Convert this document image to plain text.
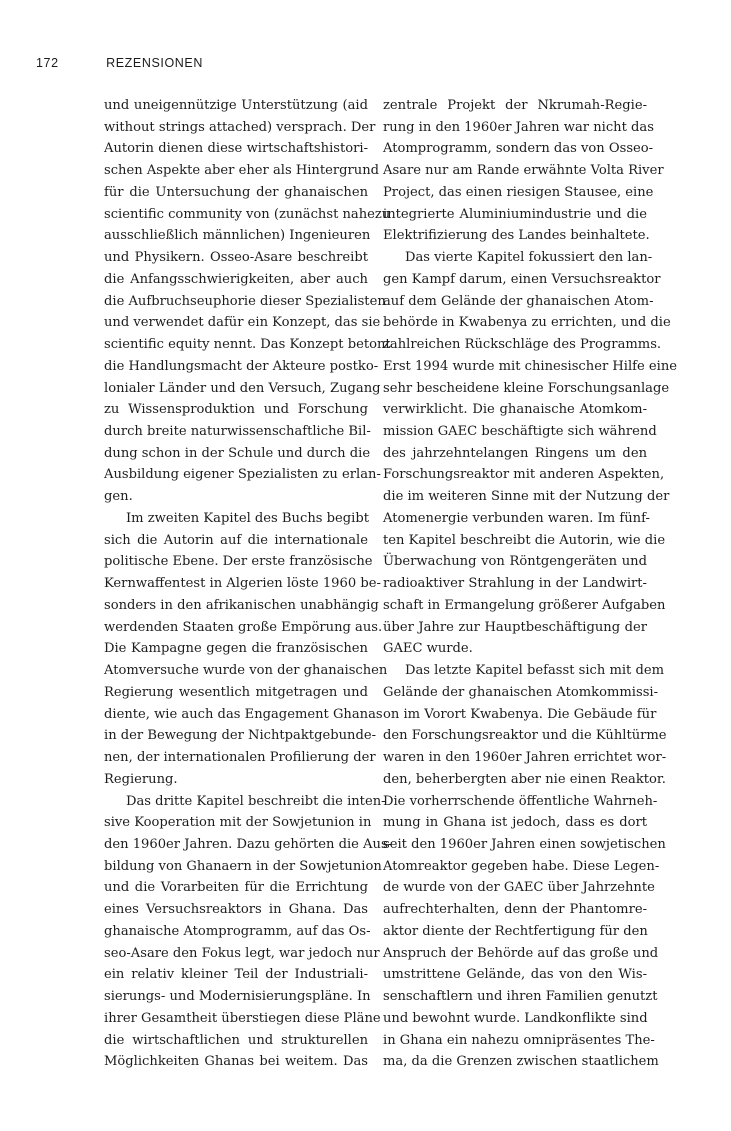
172	REZENSIONEN
und uneigennützige Unterstützung (aid
without strings attached) versprach. Der
Autorin dienen diese wirtschaftshistori-
schen Aspekte aber eher als Hintergrund
für die Untersuchung der ghanaischen
scientific community von (zunächst nahezu
ausschließlich männlichen) Ingenieuren
und Physikern. Osseo-Asare beschreibt
die Anfangsschwierigkeiten, aber auch
die Aufbruchseuphorie dieser Spezialisten
und verwendet dafür ein Konzept, das sie
scientific equity nennt. Das Konzept betont
die Handlungsmacht der Akteure postko-
lonialer Länder und den Versuch, Zugang
zu Wissensproduktion und Forschung
durch breite naturwissenschaftliche Bil-
dung schon in der Schule und durch die
Ausbildung eigener Spezialisten zu erlan-
gen.
Im zweiten Kapitel des Buchs begibt
sich die Autorin auf die internationale
politische Ebene. Der erste französische
Kernwaffentest in Algerien löste 1960 be-
sonders in den afrikanischen unabhängig
werdenden Staaten große Empörung aus.
Die Kampagne gegen die französischen
Atomversuche wurde von der ghanaischen
Regierung wesentlich mitgetragen und
diente, wie auch das Engagement Ghanas
in der Bewegung der Nichtpaktgebunde-
nen, der internationalen Profilierung der
Regierung.
Das dritte Kapitel beschreibt die inten-
sive Kooperation mit der Sowjetunion in
den 1960er Jahren. Dazu gehörten die Aus-
bildung von Ghanaern in der Sowjetunion
und die Vorarbeiten für die Errichtung
eines Versuchsreaktors in Ghana. Das
ghanaische Atomprogramm, auf das Os-
seo-Asare den Fokus legt, war jedoch nur
ein relativ kleiner Teil der Industriali-
sierungs- und Modernisierungspläne. In
ihrer Gesamtheit überstiegen diese Pläne
die wirtschaftlichen und strukturellen
Möglichkeiten Ghanas bei weitem. Das
zentrale Projekt der Nkrumah-Regie-
rung in den 1960er Jahren war nicht das
Atomprogramm, sondern das von Osseo-
Asare nur am Rande erwähnte Volta River
Project, das einen riesigen Stausee, eine
integrierte Aluminiumindustrie und die
Elektrifizierung des Landes beinhaltete.
Das vierte Kapitel fokussiert den lan-
gen Kampf darum, einen Versuchsreaktor
auf dem Gelände der ghanaischen Atom-
behörde in Kwabenya zu errichten, und die
zahlreichen Rückschläge des Programms.
Erst 1994 wurde mit chinesischer Hilfe eine
sehr bescheidene kleine Forschungsanlage
verwirklicht. Die ghanaische Atomkom-
mission GAEC beschäftigte sich während
des jahrzehntelangen Ringens um den
Forschungsreaktor mit anderen Aspekten,
die im weiteren Sinne mit der Nutzung der
Atomenergie verbunden waren. Im fünf-
ten Kapitel beschreibt die Autorin, wie die
Überwachung von Röntgengeräten und
radioaktiver Strahlung in der Landwirt-
schaft in Ermangelung größerer Aufgaben
über Jahre zur Hauptbeschäftigung der
GAEC wurde.
Das letzte Kapitel befasst sich mit dem
Gelände der ghanaischen Atomkommissi-
on im Vorort Kwabenya. Die Gebäude für
den Forschungsreaktor und die Kühltürme
waren in den 1960er Jahren errichtet wor-
den, beherbergten aber nie einen Reaktor.
Die vorherrschende öffentliche Wahrneh-
mung in Ghana ist jedoch, dass es dort
seit den 1960er Jahren einen sowjetischen
Atomreaktor gegeben habe. Diese Legen-
de wurde von der GAEC über Jahrzehnte
aufrechterhalten, denn der Phantomre-
aktor diente der Rechtfertigung für den
Anspruch der Behörde auf das große und
umstrittene Gelände, das von den Wis-
senschaftlern und ihren Familien genutzt
und bewohnt wurde. Landkonflikte sind
in Ghana ein nahezu omnipräsentes The-
ma, da die Grenzen zwischen staatlichem
